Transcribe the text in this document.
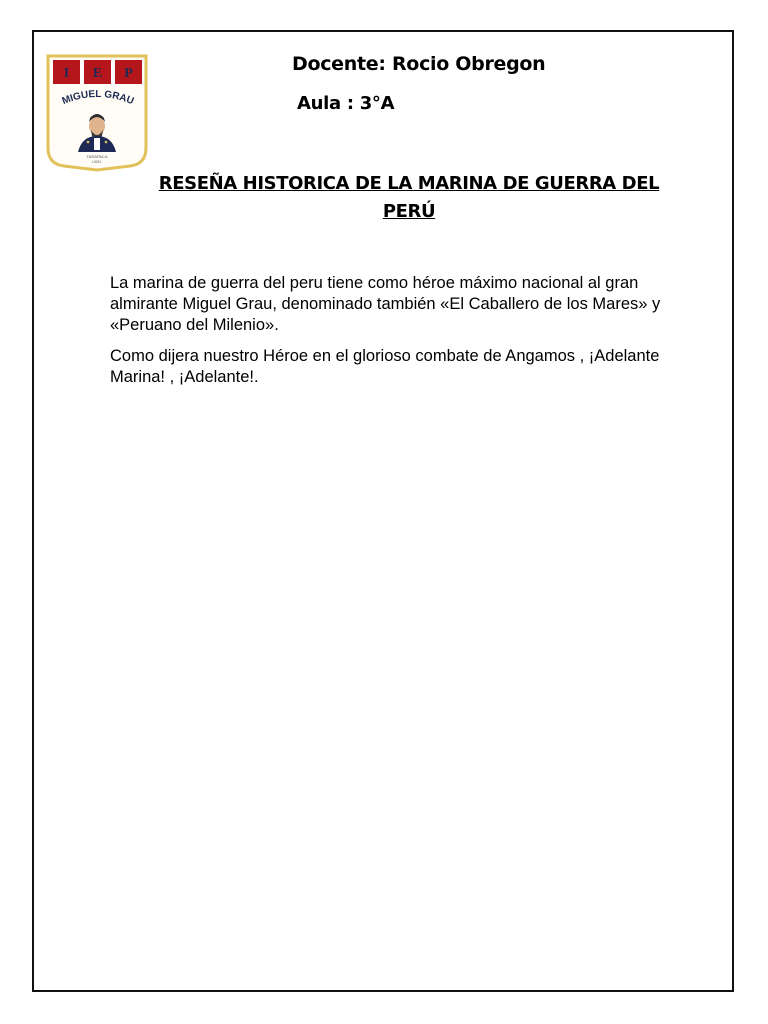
I E P
MIGUEL GRAU
TARAPACA
UGEL
Docente: Rocio Obregon
Aula : 3°A
RESEÑA HISTORICA DE LA MARINA DE GUERRA DEL PERÚ

La marina de guerra del peru tiene como héroe máximo nacional al gran almirante Miguel Grau, denominado también «El Caballero de los Mares» y «Peruano del Milenio».

Como dijera nuestro Héroe en el glorioso combate de Angamos , ¡Adelante Marina! , ¡Adelante!.
